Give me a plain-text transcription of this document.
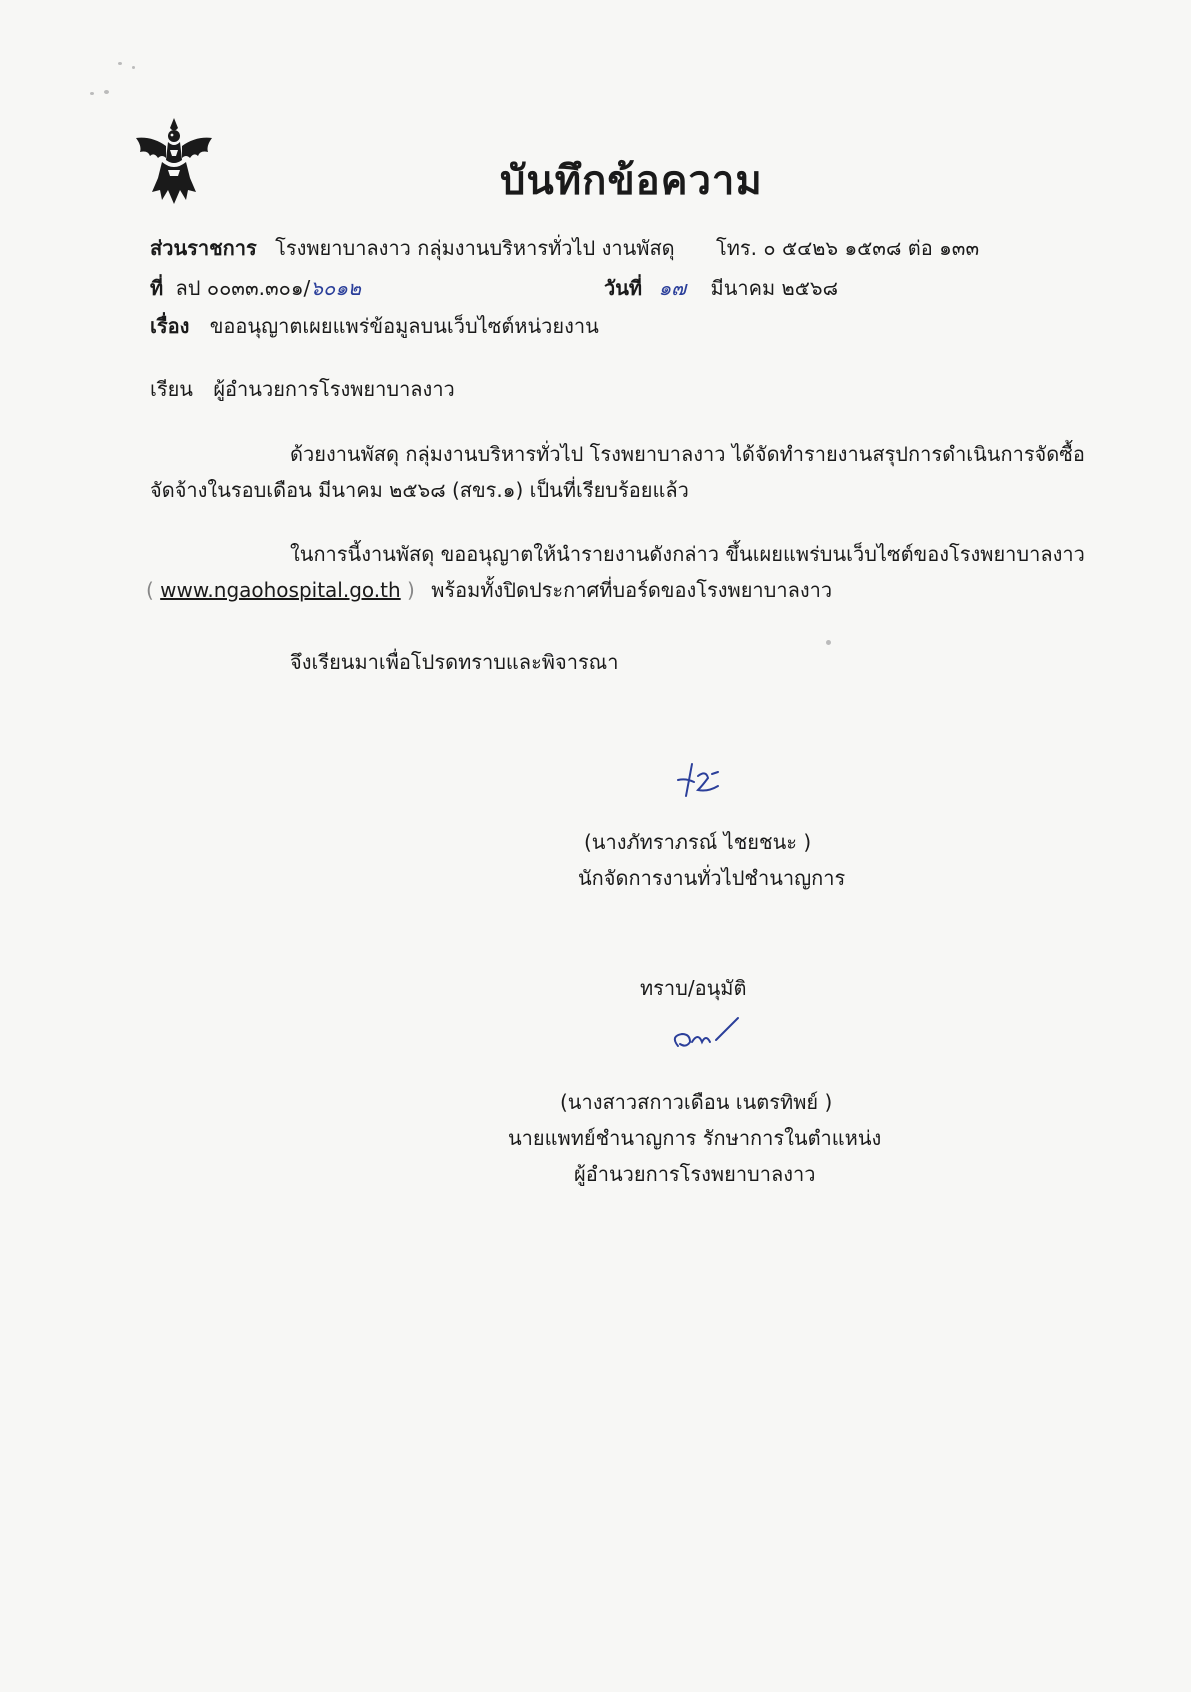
บันทึกข้อความ
ส่วนราชการ โรงพยาบาลงาว กลุ่มงานบริหารทั่วไป งานพัสดุ โทร. ๐ ๕๔๒๖ ๑๕๓๘ ต่อ ๑๓๓
ที่ ลป ๐๐๓๓.๓๐๑/๖๐๑๒	วันที่ ๑๗ มีนาคม ๒๕๖๘
เรื่อง ขออนุญาตเผยแพร่ข้อมูลบนเว็บไซต์หน่วยงาน
เรียน ผู้อำนวยการโรงพยาบาลงาว
ด้วยงานพัสดุ กลุ่มงานบริหารทั่วไป โรงพยาบาลงาว ได้จัดทำรายงานสรุปการดำเนินการจัดซื้อ
จัดจ้างในรอบเดือน มีนาคม ๒๕๖๘ (สขร.๑) เป็นที่เรียบร้อยแล้ว
ในการนี้งานพัสดุ ขออนุญาตให้นำรายงานดังกล่าว ขึ้นเผยแพร่บนเว็บไซต์ของโรงพยาบาลงาว
( www.ngaohospital.go.th ) พร้อมทั้งปิดประกาศที่บอร์ดของโรงพยาบาลงาว
จึงเรียนมาเพื่อโปรดทราบและพิจารณา
(นางภัทราภรณ์ ไชยชนะ )
นักจัดการงานทั่วไปชำนาญการ
ทราบ/อนุมัติ
(นางสาวสกาวเดือน เนตรทิพย์ )
นายแพทย์ชำนาญการ รักษาการในตำแหน่ง
ผู้อำนวยการโรงพยาบาลงาว
